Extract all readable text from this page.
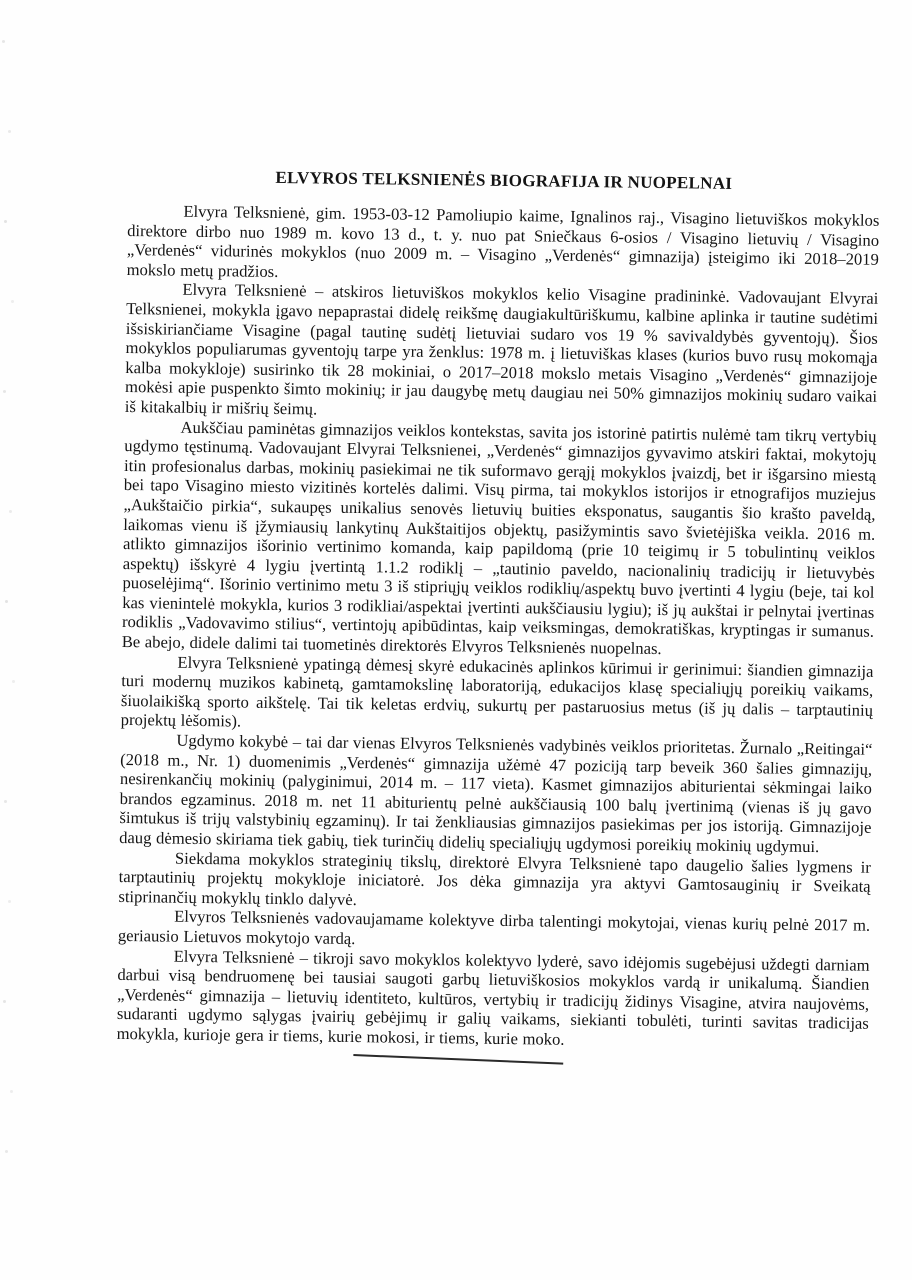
ELVYROS TELKSNIENĖS BIOGRAFIJA IR NUOPELNAI

Elvyra Telksnienė, gim. 1953-03-12 Pamoliupio kaime, Ignalinos raj., Visagino lietuviškos mokyklos direktore dirbo nuo 1989 m. kovo 13 d., t. y. nuo pat Sniečkaus 6-osios / Visagino lietuvių / Visagino „Verdenės“ vidurinės mokyklos (nuo 2009 m. – Visagino „Verdenės“ gimnazija) įsteigimo iki 2018–2019 mokslo metų pradžios.

Elvyra Telksnienė – atskiros lietuviškos mokyklos kelio Visagine pradininkė. Vadovaujant Elvyrai Telksnienei, mokykla įgavo nepaprastai didelę reikšmę daugiakultūriškumu, kalbine aplinka ir tautine sudėtimi išsiskiriančiame Visagine (pagal tautinę sudėtį lietuviai sudaro vos 19 % savivaldybės gyventojų). Šios mokyklos populiarumas gyventojų tarpe yra ženklus: 1978 m. į lietuviškas klases (kurios buvo rusų mokomąja kalba mokykloje) susirinko tik 28 mokiniai, o 2017–2018 mokslo metais Visagino „Verdenės“ gimnazijoje mokėsi apie puspenkto šimto mokinių; ir jau daugybę metų daugiau nei 50% gimnazijos mokinių sudaro vaikai iš kitakalbių ir mišrių šeimų.

Aukščiau paminėtas gimnazijos veiklos kontekstas, savita jos istorinė patirtis nulėmė tam tikrų vertybių ugdymo tęstinumą. Vadovaujant Elvyrai Telksnienei, „Verdenės“ gimnazijos gyvavimo atskiri faktai, mokytojų itin profesionalus darbas, mokinių pasiekimai ne tik suformavo gerąjį mokyklos įvaizdį, bet ir išgarsino miestą bei tapo Visagino miesto vizitinės kortelės dalimi. Visų pirma, tai mokyklos istorijos ir etnografijos muziejus „Aukštaičio pirkia“, sukaupęs unikalius senovės lietuvių buities eksponatus, saugantis šio krašto paveldą, laikomas vienu iš įžymiausių lankytinų Aukštaitijos objektų, pasižymintis savo švietėjiška veikla. 2016 m. atlikto gimnazijos išorinio vertinimo komanda, kaip papildomą (prie 10 teigimų ir 5 tobulintinų veiklos aspektų) išskyrė 4 lygiu įvertintą 1.1.2 rodiklį – „tautinio paveldo, nacionalinių tradicijų ir lietuvybės puoselėjimą“. Išorinio vertinimo metu 3 iš stipriųjų veiklos rodiklių/aspektų buvo įvertinti 4 lygiu (beje, tai kol kas vienintelė mokykla, kurios 3 rodikliai/aspektai įvertinti aukščiausiu lygiu); iš jų aukštai ir pelnytai įvertinas rodiklis „Vadovavimo stilius“, vertintojų apibūdintas, kaip veiksmingas, demokratiškas, kryptingas ir sumanus. Be abejo, didele dalimi tai tuometinės direktorės Elvyros Telksnienės nuopelnas.

Elvyra Telksnienė ypatingą dėmesį skyrė edukacinės aplinkos kūrimui ir gerinimui: šiandien gimnazija turi modernų muzikos kabinetą, gamtamokslinę laboratoriją, edukacijos klasę specialiųjų poreikių vaikams, šiuolaikišką sporto aikštelę. Tai tik keletas erdvių, sukurtų per pastaruosius metus (iš jų dalis – tarptautinių projektų lėšomis).

Ugdymo kokybė – tai dar vienas Elvyros Telksnienės vadybinės veiklos prioritetas. Žurnalo „Reitingai“ (2018 m., Nr. 1) duomenimis „Verdenės“ gimnazija užėmė 47 poziciją tarp beveik 360 šalies gimnazijų, nesirenkančių mokinių (palyginimui, 2014 m. – 117 vieta). Kasmet gimnazijos abiturientai sėkmingai laiko brandos egzaminus. 2018 m. net 11 abiturientų pelnė aukščiausią 100 balų įvertinimą (vienas iš jų gavo šimtukus iš trijų valstybinių egzaminų). Ir tai ženkliausias gimnazijos pasiekimas per jos istoriją. Gimnazijoje daug dėmesio skiriama tiek gabių, tiek turinčių didelių specialiųjų ugdymosi poreikių mokinių ugdymui.

Siekdama mokyklos strateginių tikslų, direktorė Elvyra Telksnienė tapo daugelio šalies lygmens ir tarptautinių projektų mokykloje iniciatorė. Jos dėka gimnazija yra aktyvi Gamtosauginių ir Sveikatą stiprinančių mokyklų tinklo dalyvė.

Elvyros Telksnienės vadovaujamame kolektyve dirba talentingi mokytojai, vienas kurių pelnė 2017 m. geriausio Lietuvos mokytojo vardą.

Elvyra Telksnienė – tikroji savo mokyklos kolektyvo lyderė, savo idėjomis sugebėjusi uždegti darniam darbui visą bendruomenę bei tausiai saugoti garbų lietuviškosios mokyklos vardą ir unikalumą. Šiandien „Verdenės“ gimnazija – lietuvių identiteto, kultūros, vertybių ir tradicijų židinys Visagine, atvira naujovėms, sudaranti ugdymo sąlygas įvairių gebėjimų ir galių vaikams, siekianti tobulėti, turinti savitas tradicijas mokykla, kurioje gera ir tiems, kurie mokosi, ir tiems, kurie moko.
